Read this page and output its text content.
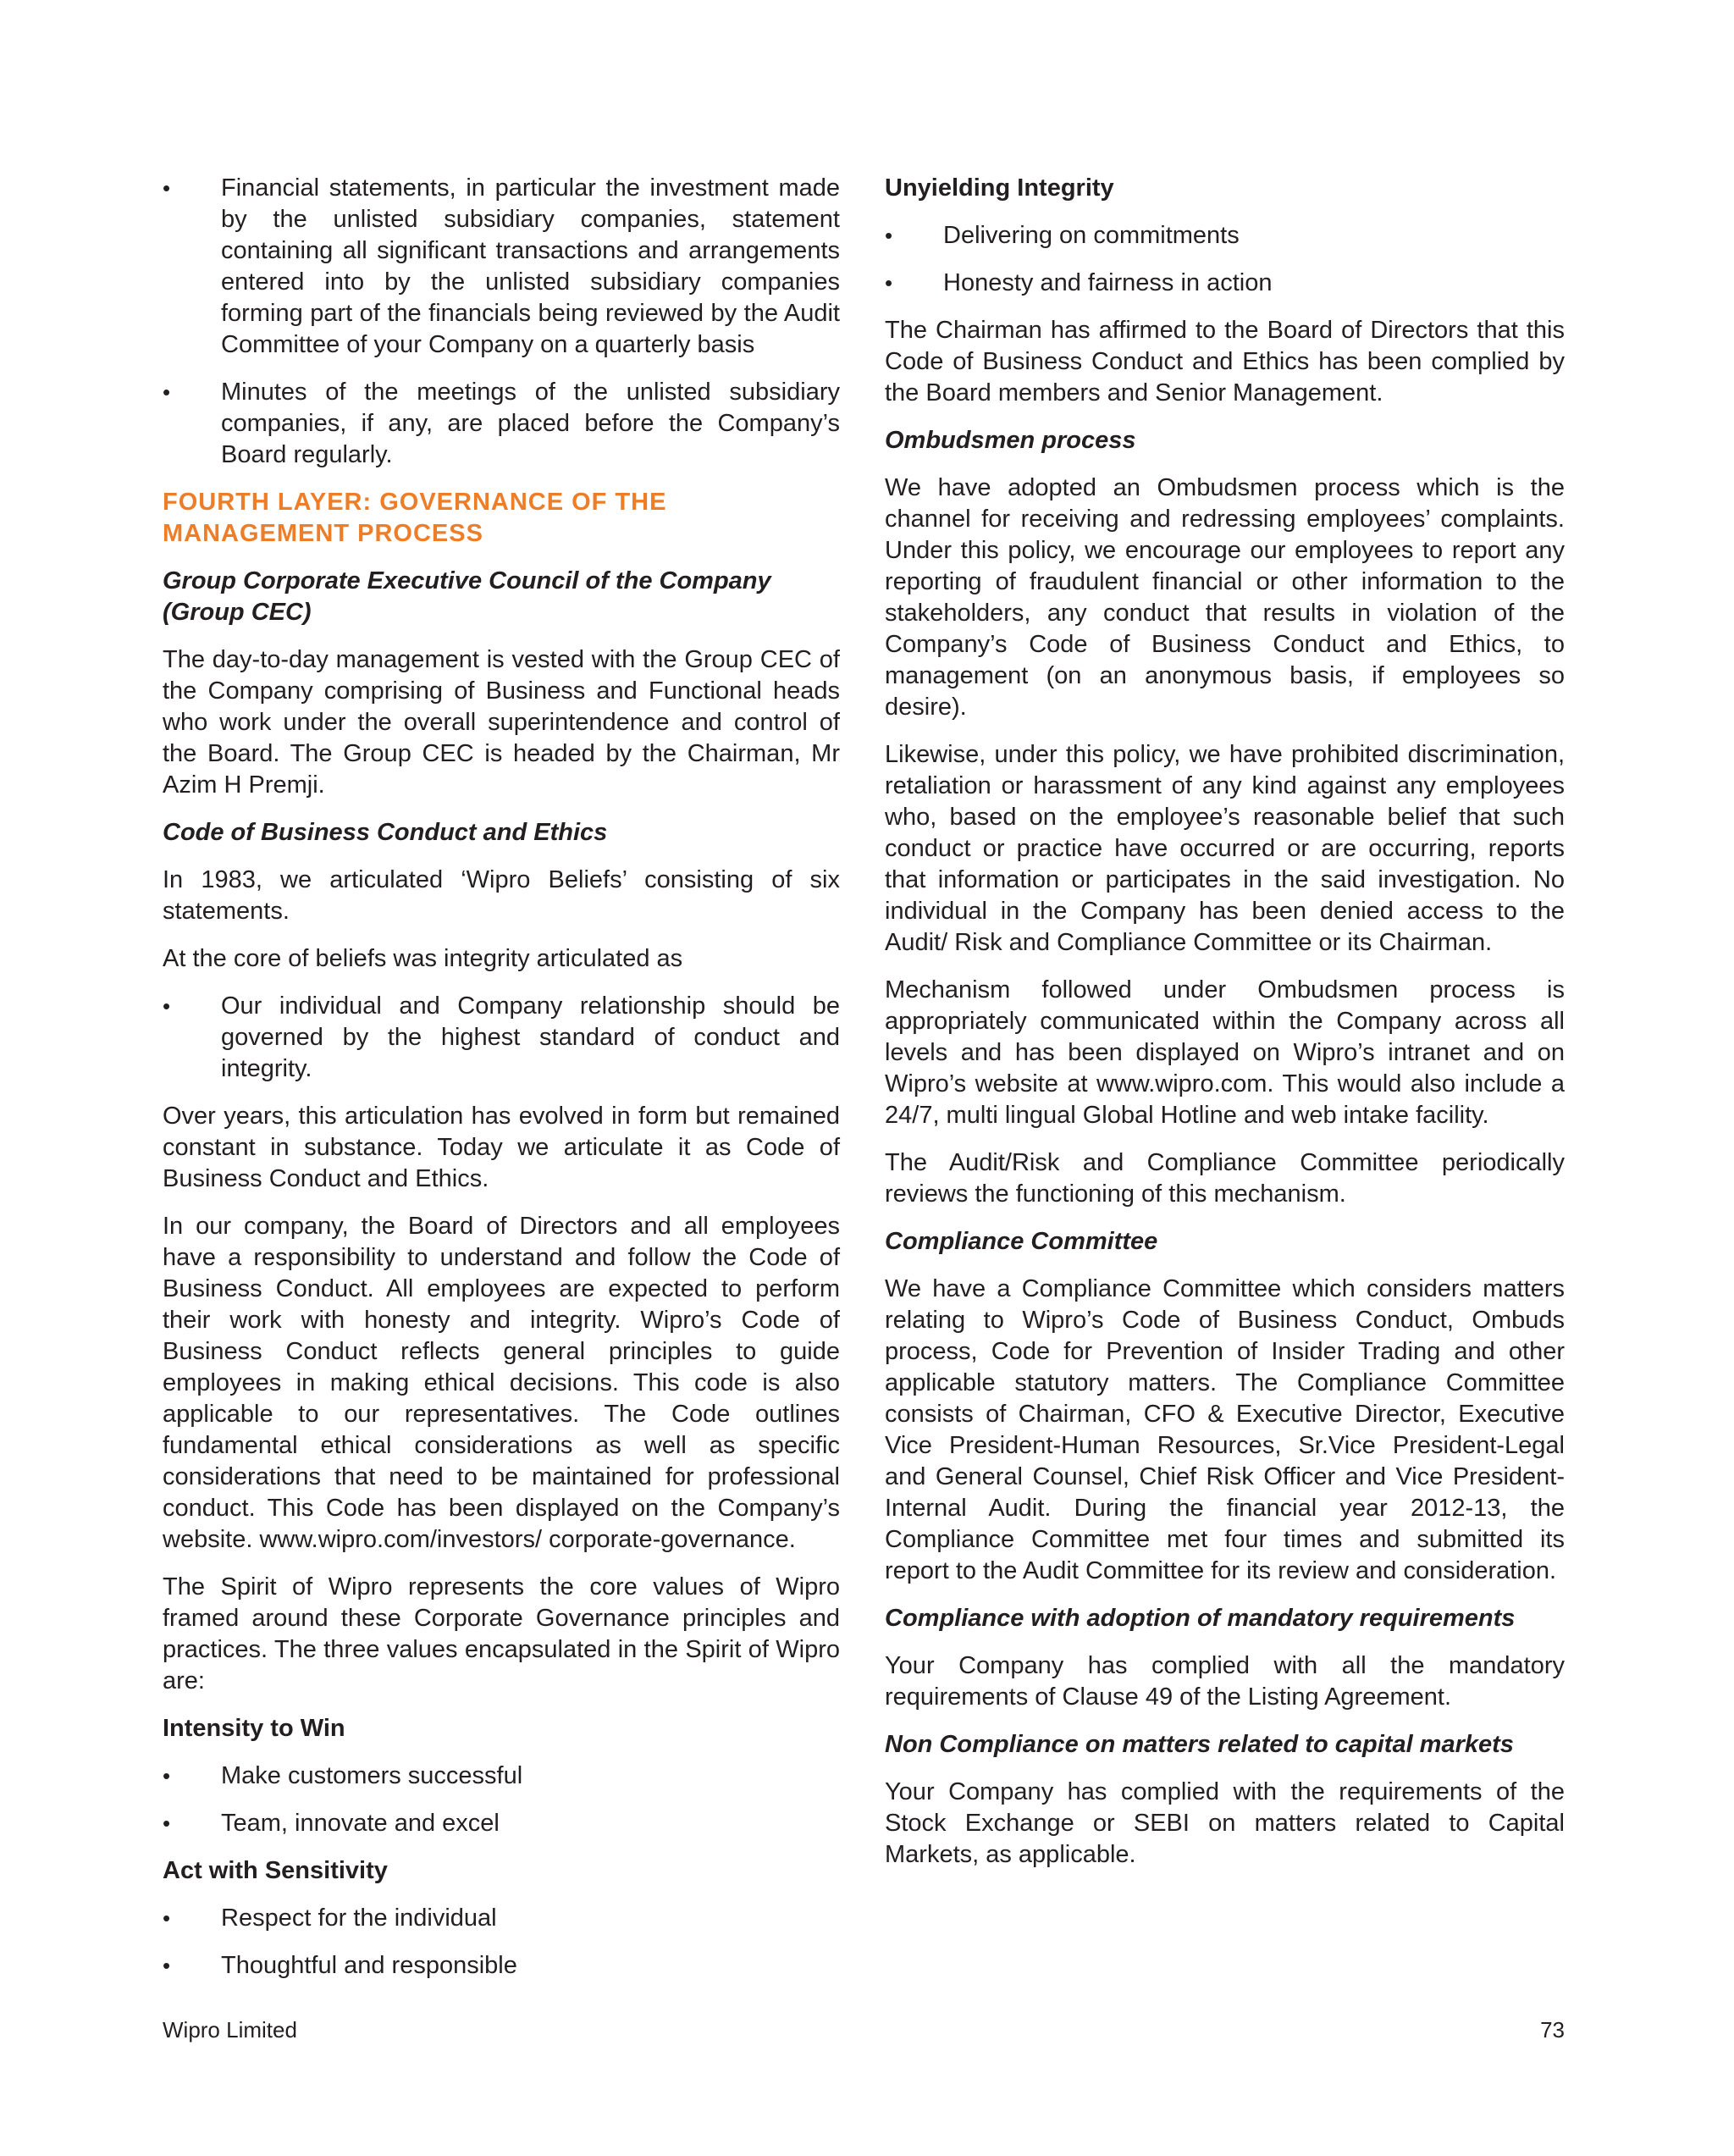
• Financial statements, in particular the investment made by the unlisted subsidiary companies, statement containing all significant transactions and arrangements entered into by the unlisted subsidiary companies forming part of the financials being reviewed by the Audit Committee of your Company on a quarterly basis
• Minutes of the meetings of the unlisted subsidiary companies, if any, are placed before the Company’s Board regularly.
FOURTH LAYER: GOVERNANCE OF THE MANAGEMENT PROCESS
Group Corporate Executive Council of the Company (Group CEC)

The day-to-day management is vested with the Group CEC of the Company comprising of Business and Functional heads who work under the overall superintendence and control of the Board. The Group CEC is headed by the Chairman, Mr Azim H Premji.

Code of Business Conduct and Ethics

In 1983, we articulated ‘Wipro Beliefs’ consisting of six statements.

At the core of beliefs was integrity articulated as

• Our individual and Company relationship should be governed by the highest standard of conduct and integrity.

Over years, this articulation has evolved in form but remained constant in substance. Today we articulate it as Code of Business Conduct and Ethics.

In our company, the Board of Directors and all employees have a responsibility to understand and follow the Code of Business Conduct. All employees are expected to perform their work with honesty and integrity. Wipro’s Code of Business Conduct reflects general principles to guide employees in making ethical decisions. This code is also applicable to our representatives. The Code outlines fundamental ethical considerations as well as specific considerations that need to be maintained for professional conduct. This Code has been displayed on the Company’s website. www.wipro.com/investors/ corporate-governance.

The Spirit of Wipro represents the core values of Wipro framed around these Corporate Governance principles and practices. The three values encapsulated in the Spirit of Wipro are:

Intensity to Win
• Make customers successful
• Team, innovate and excel
Act with Sensitivity
• Respect for the individual
• Thoughtful and responsible
Unyielding Integrity
• Delivering on commitments
• Honesty and fairness in action

The Chairman has affirmed to the Board of Directors that this Code of Business Conduct and Ethics has been complied by the Board members and Senior Management.

Ombudsmen process

We have adopted an Ombudsmen process which is the channel for receiving and redressing employees’ complaints. Under this policy, we encourage our employees to report any reporting of fraudulent financial or other information to the stakeholders, any conduct that results in violation of the Company’s Code of Business Conduct and Ethics, to management (on an anonymous basis, if employees so desire).

Likewise, under this policy, we have prohibited discrimination, retaliation or harassment of any kind against any employees who, based on the employee’s reasonable belief that such conduct or practice have occurred or are occurring, reports that information or participates in the said investigation. No individual in the Company has been denied access to the Audit/ Risk and Compliance Committee or its Chairman.

Mechanism followed under Ombudsmen process is appropriately communicated within the Company across all levels and has been displayed on Wipro’s intranet and on Wipro’s website at www.wipro.com. This would also include a 24/7, multi lingual Global Hotline and web intake facility.

The Audit/Risk and Compliance Committee periodically reviews the functioning of this mechanism.

Compliance Committee

We have a Compliance Committee which considers matters relating to Wipro’s Code of Business Conduct, Ombuds process, Code for Prevention of Insider Trading and other applicable statutory matters. The Compliance Committee consists of Chairman, CFO & Executive Director, Executive Vice President-Human Resources, Sr.Vice President-Legal and General Counsel, Chief Risk Officer and Vice President-Internal Audit. During the financial year 2012-13, the Compliance Committee met four times and submitted its report to the Audit Committee for its review and consideration.

Compliance with adoption of mandatory requirements

Your Company has complied with all the mandatory requirements of Clause 49 of the Listing Agreement.

Non Compliance on matters related to capital markets

Your Company has complied with the requirements of the Stock Exchange or SEBI on matters related to Capital Markets, as applicable.

Wipro Limited	73
